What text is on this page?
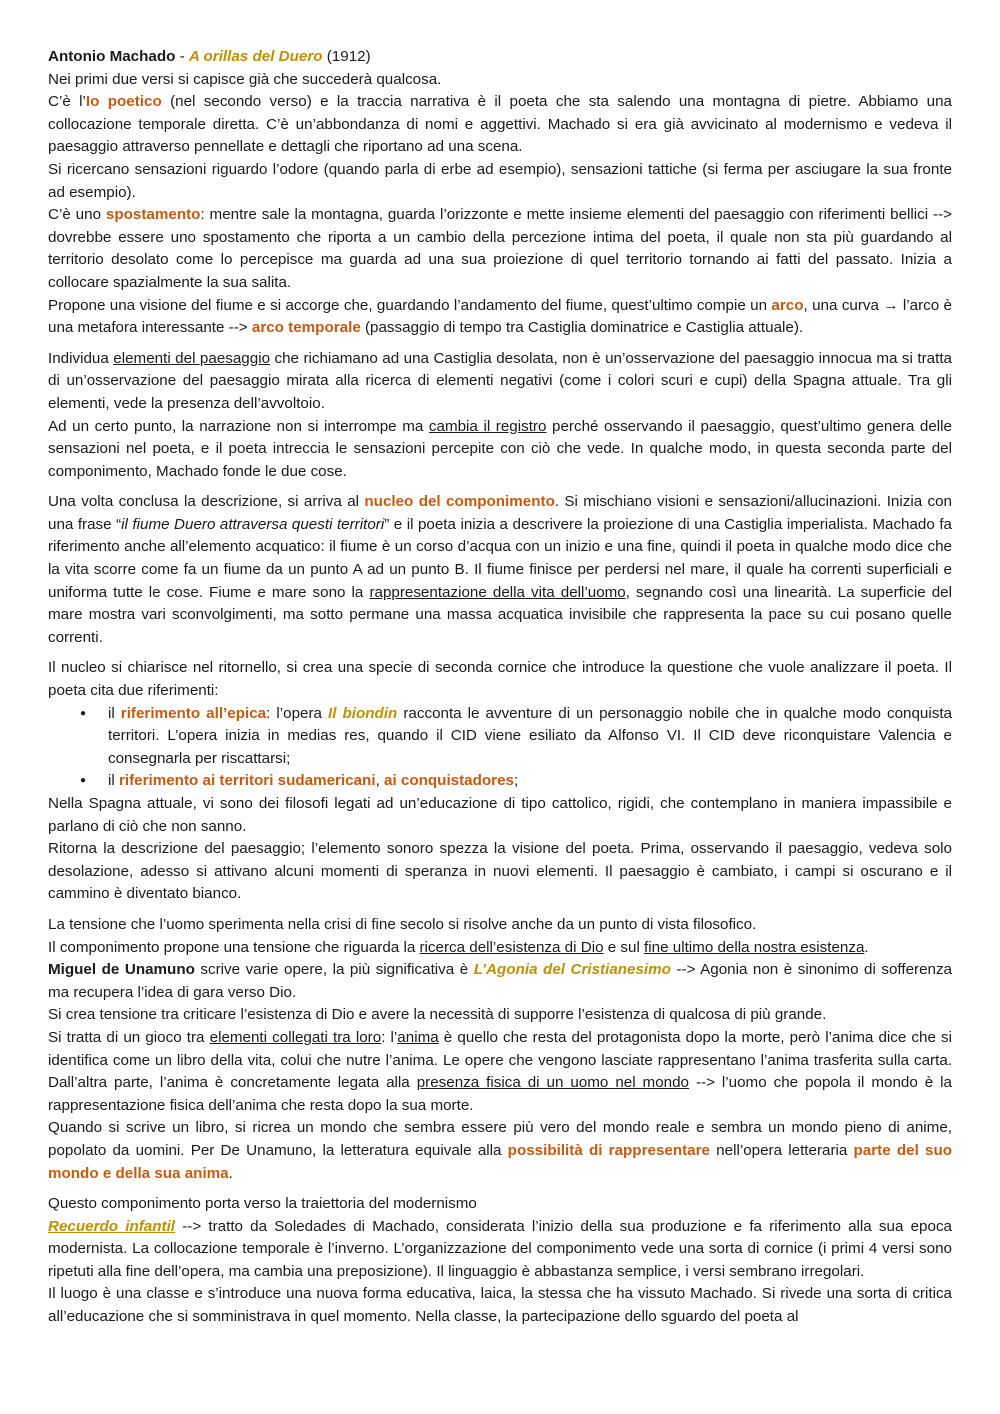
Antonio Machado - A orillas del Duero (1912)

Nei primi due versi si capisce già che succederà qualcosa.

C’è l’Io poetico (nel secondo verso) e la traccia narrativa è il poeta che sta salendo una montagna di pietre. Abbiamo una collocazione temporale diretta. C’è un’abbondanza di nomi e aggettivi. Machado si era già avvicinato al modernismo e vedeva il paesaggio attraverso pennellate e dettagli che riportano ad una scena.

Si ricercano sensazioni riguardo l’odore (quando parla di erbe ad esempio), sensazioni tattiche (si ferma per asciugare la sua fronte ad esempio).

C’è uno spostamento: mentre sale la montagna, guarda l’orizzonte e mette insieme elementi del paesaggio con riferimenti bellici --> dovrebbe essere uno spostamento che riporta a un cambio della percezione intima del poeta, il quale non sta più guardando al territorio desolato come lo percepisce ma guarda ad una sua proiezione di quel territorio tornando ai fatti del passato. Inizia a collocare spazialmente la sua salita.

Propone una visione del fiume e si accorge che, guardando l’andamento del fiume, quest’ultimo compie un arco, una curva → l’arco è una metafora interessante --> arco temporale (passaggio di tempo tra Castiglia dominatrice e Castiglia attuale).

Individua elementi del paesaggio che richiamano ad una Castiglia desolata, non è un’osservazione del paesaggio innocua ma si tratta di un’osservazione del paesaggio mirata alla ricerca di elementi negativi (come i colori scuri e cupi) della Spagna attuale. Tra gli elementi, vede la presenza dell’avvoltoio.

Ad un certo punto, la narrazione non si interrompe ma cambia il registro perché osservando il paesaggio, quest’ultimo genera delle sensazioni nel poeta, e il poeta intreccia le sensazioni percepite con ciò che vede. In qualche modo, in questa seconda parte del componimento, Machado fonde le due cose.

Una volta conclusa la descrizione, si arriva al nucleo del componimento. Si mischiano visioni e sensazioni/allucinazioni. Inizia con una frase “il fiume Duero attraversa questi territori” e il poeta inizia a descrivere la proiezione di una Castiglia imperialista. Machado fa riferimento anche all’elemento acquatico: il fiume è un corso d’acqua con un inizio e una fine, quindi il poeta in qualche modo dice che la vita scorre come fa un fiume da un punto A ad un punto B. Il fiume finisce per perdersi nel mare, il quale ha correnti superficiali e uniforma tutte le cose. Fiume e mare sono la rappresentazione della vita dell’uomo, segnando così una linearità. La superficie del mare mostra vari sconvolgimenti, ma sotto permane una massa acquatica invisibile che rappresenta la pace su cui posano quelle correnti.

Il nucleo si chiarisce nel ritornello, si crea una specie di seconda cornice che introduce la questione che vuole analizzare il poeta. Il poeta cita due riferimenti:

● il riferimento all’epica: l’opera Il biondin racconta le avventure di un personaggio nobile che in qualche modo conquista territori. L’opera inizia in medias res, quando il CID viene esiliato da Alfonso VI. Il CID deve riconquistare Valencia e consegnarla per riscattarsi;
● il riferimento ai territori sudamericani, ai conquistadores;

Nella Spagna attuale, vi sono dei filosofi legati ad un’educazione di tipo cattolico, rigidi, che contemplano in maniera impassibile e parlano di ciò che non sanno.

Ritorna la descrizione del paesaggio; l’elemento sonoro spezza la visione del poeta. Prima, osservando il paesaggio, vedeva solo desolazione, adesso si attivano alcuni momenti di speranza in nuovi elementi. Il paesaggio è cambiato, i campi si oscurano e il cammino è diventato bianco.

La tensione che l’uomo sperimenta nella crisi di fine secolo si risolve anche da un punto di vista filosofico.

Il componimento propone una tensione che riguarda la ricerca dell’esistenza di Dio e sul fine ultimo della nostra esistenza.

Miguel de Unamuno scrive varie opere, la più significativa è L’Agonia del Cristianesimo --> Agonia non è sinonimo di sofferenza ma recupera l’idea di gara verso Dio.

Si crea tensione tra criticare l’esistenza di Dio e avere la necessità di supporre l’esistenza di qualcosa di più grande.

Si tratta di un gioco tra elementi collegati tra loro: l’anima è quello che resta del protagonista dopo la morte, però l’anima dice che si identifica come un libro della vita, colui che nutre l’anima. Le opere che vengono lasciate rappresentano l’anima trasferita sulla carta. Dall’altra parte, l’anima è concretamente legata alla presenza fisica di un uomo nel mondo --> l’uomo che popola il mondo è la rappresentazione fisica dell’anima che resta dopo la sua morte.

Quando si scrive un libro, si ricrea un mondo che sembra essere più vero del mondo reale e sembra un mondo pieno di anime, popolato da uomini. Per De Unamuno, la letteratura equivale alla possibilità di rappresentare nell’opera letteraria parte del suo mondo e della sua anima.

Questo componimento porta verso la traiettoria del modernismo

Recuerdo infantil --> tratto da Soledades di Machado, considerata l’inizio della sua produzione e fa riferimento alla sua epoca modernista. La collocazione temporale è l’inverno. L’organizzazione del componimento vede una sorta di cornice (i primi 4 versi sono ripetuti alla fine dell’opera, ma cambia una preposizione). Il linguaggio è abbastanza semplice, i versi sembrano irregolari.

Il luogo è una classe e s’introduce una nuova forma educativa, laica, la stessa che ha vissuto Machado. Si rivede una sorta di critica all’educazione che si somministrava in quel momento. Nella classe, la partecipazione dello sguardo del poeta al
